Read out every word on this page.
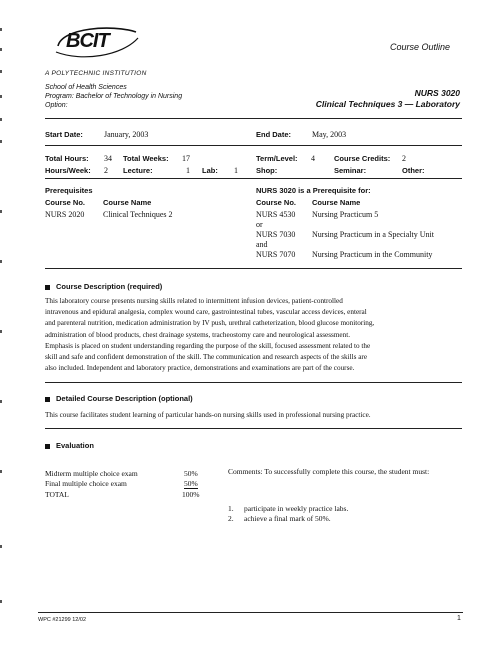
BCIT	Course Outline
A POLYTECHNIC INSTITUTION
School of Health Sciences
Program: Bachelor of Technology in Nursing
Option:
NURS 3020
Clinical Techniques 3 — Laboratory
Start Date:	January, 2003	End Date:	May, 2003
Total Hours: 34 Total Weeks: 17	Term/Level: 4	Course Credits: 2
Hours/Week: 2 Lecture:	1 Lab: 1 Shop:	Seminar:	Other:
Prerequisites
Course No. Course Name
NURS 2020 Clinical Techniques 2
NURS 3020 is a Prerequisite for:
Course No. Course Name
NURS 4530 Nursing Practicum 5
or
NURS 7030 Nursing Practicum in a Specialty Unit
and
NURS 7070 Nursing Practicum in the Community
Course Description (required)
This laboratory course presents nursing skills related to intermittent infusion devices, patient-controlled
intravenous and epidural analgesia, complex wound care, gastrointestinal tubes, vascular access devices, enteral
and parenteral nutrition, medication administration by IV push, urethral catheterization, blood glucose monitoring,
administration of blood products, chest drainage systems, tracheostomy care and neurological assessment.
Emphasis is placed on student understanding regarding the purpose of the skill, focused assessment related to the
skill and safe and confident demonstration of the skill. The communication and research aspects of the skills are
also included. Independent and laboratory practice, demonstrations and examinations are part of the course.
Detailed Course Description (optional)
This course facilitates student learning of particular hands-on nursing skills used in professional nursing practice.
Evaluation
Midterm multiple choice exam	50%
Final multiple choice exam	50%
TOTAL	100%
Comments: To successfully complete this course, the student must:
1. participate in weekly practice labs.
2. achieve a final mark of 50%.
WPC #21299 12/02	1
